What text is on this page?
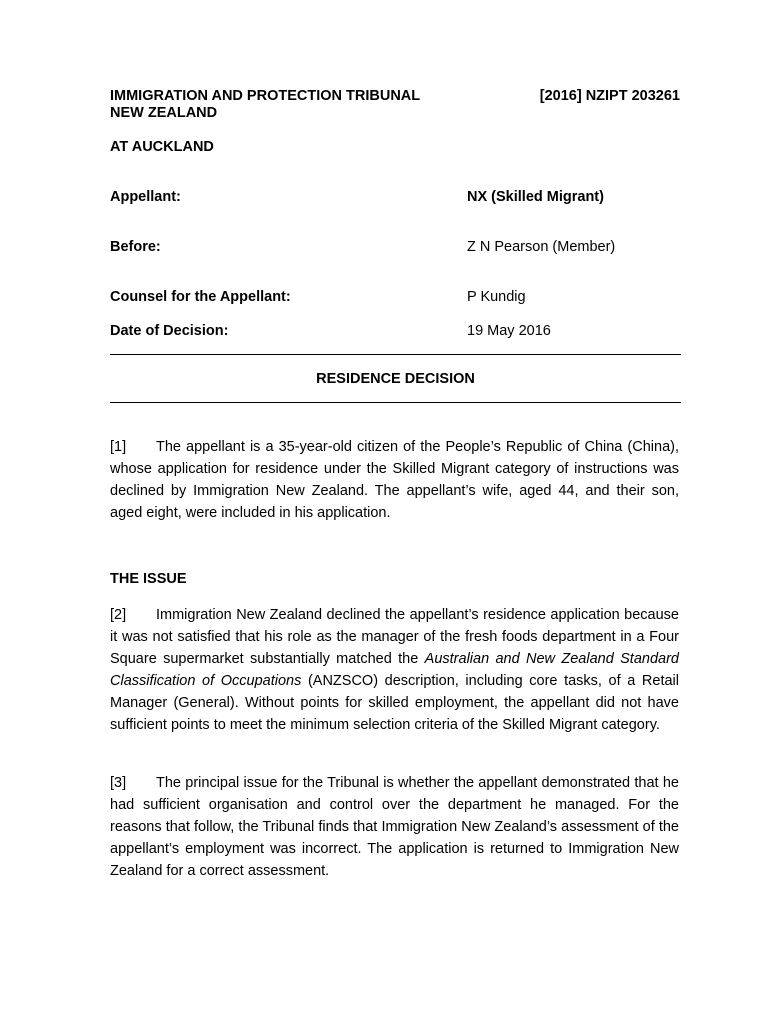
IMMIGRATION AND PROTECTION TRIBUNAL
NEW ZEALAND
[2016] NZIPT 203261
AT AUCKLAND
Appellant:	NX (Skilled Migrant)
Before:	Z N Pearson (Member)
Counsel for the Appellant:	P Kundig
Date of Decision:	19 May 2016
RESIDENCE DECISION
[1] The appellant is a 35-year-old citizen of the People’s Republic of China (China), whose application for residence under the Skilled Migrant category of instructions was declined by Immigration New Zealand. The appellant’s wife, aged 44, and their son, aged eight, were included in his application.
THE ISSUE
[2] Immigration New Zealand declined the appellant’s residence application because it was not satisfied that his role as the manager of the fresh foods department in a Four Square supermarket substantially matched the Australian and New Zealand Standard Classification of Occupations (ANZSCO) description, including core tasks, of a Retail Manager (General). Without points for skilled employment, the appellant did not have sufficient points to meet the minimum selection criteria of the Skilled Migrant category.
[3] The principal issue for the Tribunal is whether the appellant demonstrated that he had sufficient organisation and control over the department he managed. For the reasons that follow, the Tribunal finds that Immigration New Zealand’s assessment of the appellant’s employment was incorrect. The application is returned to Immigration New Zealand for a correct assessment.
